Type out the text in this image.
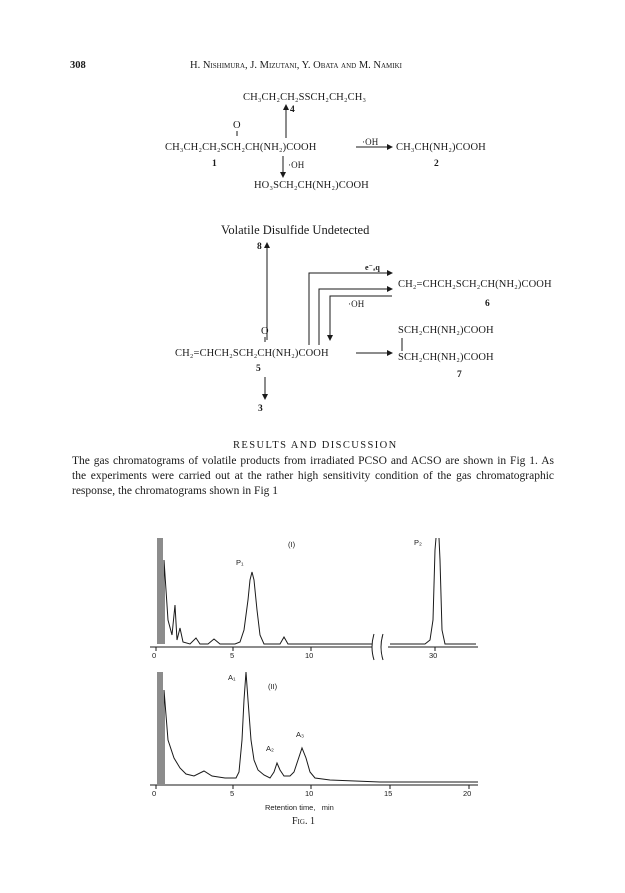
308	H. Nishimura, J. Mizutani, Y. Obata and M. Namiki
CH₃CH₂CH₂SSCH₂CH₂CH₃
4
O
CH₃CH₂CH₂SCH₂CH(NH₂)COOH	·OH CH₃CH(NH₂)COOH
1	2
·OH
HO₃SCH₂CH(NH₂)COOH
Volatile Disulfide Undetected
8
e⁻ₐq
CH₂=CHCH₂SCH₂CH(NH₂)COOH
·OH	6
O	SCH₂CH(NH₂)COOH
CH₂=CHCH₂SCH₂CH(NH₂)COOH	SCH₂CH(NH₂)COOH
5
7
3
RESULTS AND DISCUSSION
The gas chromatograms of volatile products from irradiated PCSO and ACSO are shown in Fig 1. As the experiments were carried out at the rather high sensitivity condition of the gas chromatographic response, the chromatograms shown in Fig 1
(I)
P₁
P₂
0	5	10	30
(II)
A₁
A₂
A₃
0	5	10	15	20
Retention time,   min
Fig. 1
